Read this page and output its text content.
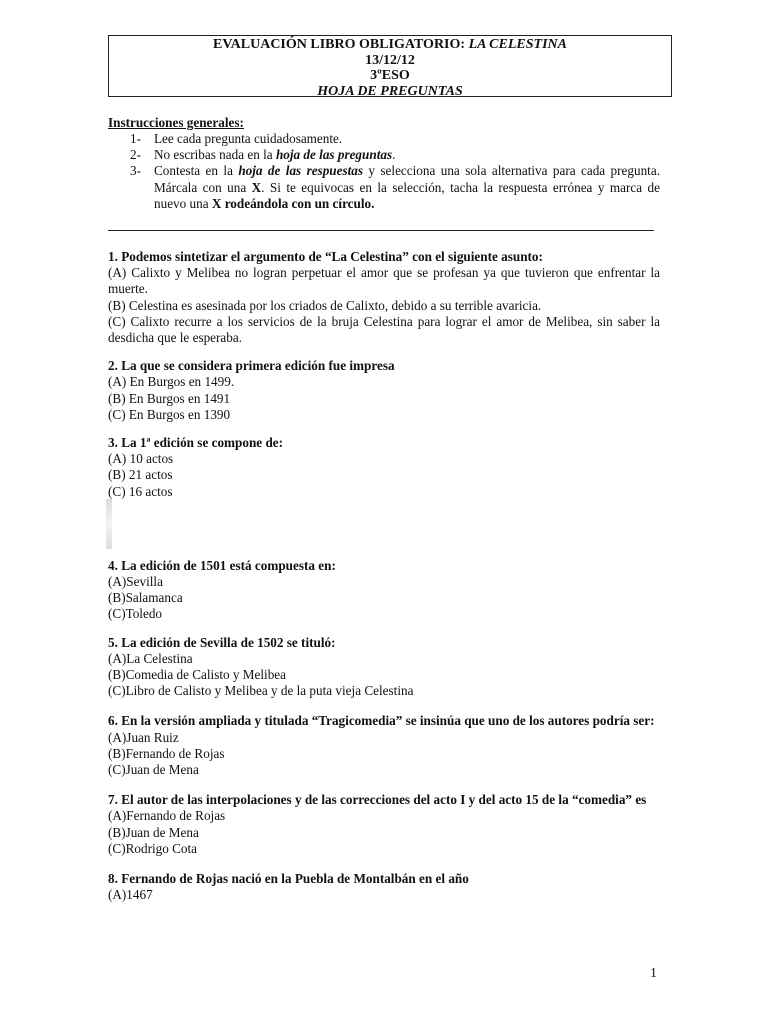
EVALUACIÓN LIBRO OBLIGATORIO: LA CELESTINA
13/12/12
3ºESO
HOJA DE PREGUNTAS
Instrucciones generales:
1- Lee cada pregunta cuidadosamente.
2- No escribas nada en la hoja de las preguntas.
3- Contesta en la hoja de las respuestas y selecciona una sola alternativa para cada pregunta. Márcala con una X. Si te equivocas en la selección, tacha la respuesta errónea y marca de nuevo una X rodeándola con un círculo.
1. Podemos sintetizar el argumento de “La Celestina” con el siguiente asunto:
(A) Calixto y Melibea no logran perpetuar el amor que se profesan ya que tuvieron que enfrentar la muerte.
(B) Celestina es asesinada por los criados de Calixto, debido a su terrible avaricia.
(C) Calixto recurre a los servicios de la bruja Celestina para lograr el amor de Melibea, sin saber la desdicha que le esperaba.
2. La que se considera primera edición fue impresa
(A) En Burgos en 1499.
(B) En Burgos en 1491
(C) En Burgos en 1390
3. La 1ª edición se compone de:
(A) 10 actos
(B) 21 actos
(C) 16 actos
4. La edición de 1501 está compuesta en:
(A)Sevilla
(B)Salamanca
(C)Toledo
5. La edición de Sevilla de 1502 se tituló:
(A)La Celestina
(B)Comedia de Calisto y Melibea
(C)Libro de Calisto y Melibea y de la puta vieja Celestina
6. En la versión ampliada y titulada “Tragicomedia” se insinúa que uno de los autores podría ser:
(A)Juan Ruiz
(B)Fernando de Rojas
(C)Juan de Mena
7. El autor de las interpolaciones y de las correcciones del acto I y del acto 15 de la “comedia” es
(A)Fernando de Rojas
(B)Juan de Mena
(C)Rodrigo Cota
8. Fernando de Rojas nació en la Puebla de Montalbán en el año
(A)1467
1
